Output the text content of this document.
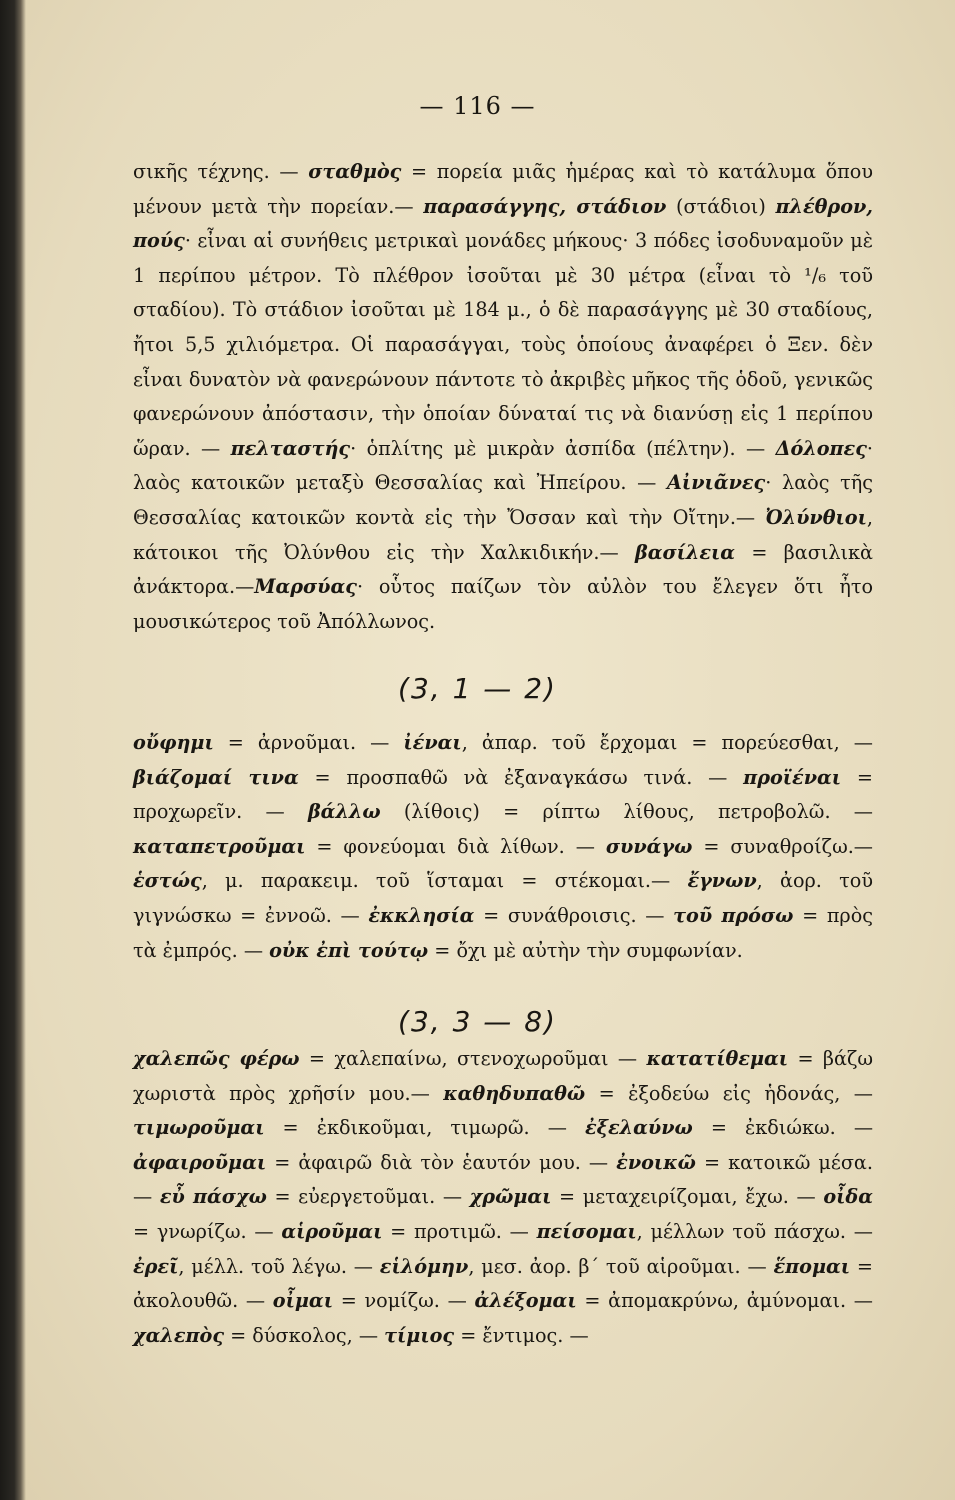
— 116 —

σικῆς τέχνης. — σταθμὸς = πορεία μιᾶς ἡμέρας καὶ τὸ κατάλυμα ὅπου μένουν μετὰ τὴν πορείαν.— παρασάγγης, στάδιον (στάδιοι) πλέθρον, πούς· εἶναι αἱ συνήθεις μετρικαὶ μονάδες μήκους· 3 πόδες ἰσοδυναμοῦν μὲ 1 περίπου μέτρον. Τὸ πλέθρον ἰσοῦται μὲ 30 μέτρα (εἶναι τὸ ¹/₆ τοῦ σταδίου). Τὸ στάδιον ἰσοῦται μὲ 184 μ., ὁ δὲ παρασάγγης μὲ 30 σταδίους, ἤτοι 5,5 χιλιόμετρα. Οἱ παρασάγγαι, τοὺς ὁποίους ἀναφέρει ὁ Ξεν. δὲν εἶναι δυνατὸν νὰ φανερώνουν πάντοτε τὸ ἀκριβὲς μῆκος τῆς ὁδοῦ, γενικῶς φανερώνουν ἀπόστασιν, τὴν ὁποίαν δύναταί τις νὰ διανύσῃ εἰς 1 περίπου ὥραν. — πελταστής· ὁπλίτης μὲ μικρὰν ἀσπίδα (πέλτην). — Δόλοπες· λαὸς κατοικῶν μεταξὺ Θεσσαλίας καὶ Ἠπείρου. — Αἰνιᾶνες· λαὸς τῆς Θεσσαλίας κατοικῶν κοντὰ εἰς τὴν Ὄσσαν καὶ τὴν Οἴτην.— Ὀλύνθιοι, κάτοικοι τῆς Ὀλύνθου εἰς τὴν Χαλκιδικήν.— βασίλεια = βασιλικὰ ἀνάκτορα.—Μαρσύας· οὗτος παίζων τὸν αὐλὸν του ἔλεγεν ὅτι ἦτο μουσικώτερος τοῦ Ἀπόλλωνος.

(3, 1 — 2)

οὔφημι = ἀρνοῦμαι. — ἰέναι, ἀπαρ. τοῦ ἔρχομαι = πορεύεσθαι, — βιάζομαί τινα = προσπαθῶ νὰ ἐξαναγκάσω τινά. — προϊέναι = προχωρεῖν. — βάλλω (λίθοις) = ρίπτω λίθους, πετροβολῶ. — καταπετροῦμαι = φονεύομαι διὰ λίθων. — συνάγω = συναθροίζω.— ἑστώς, μ. παρακειμ. τοῦ ἵσταμαι = στέκομαι.— ἔγνων, ἀορ. τοῦ γιγνώσκω = ἐννοῶ. — ἐκκλησία = συνάθροισις. — τοῦ πρόσω = πρὸς τὰ ἐμπρός. — οὐκ ἐπὶ τούτῳ = ὄχι μὲ αὐτὴν τὴν συμφωνίαν.

(3, 3 — 8)

χαλεπῶς φέρω = χαλεπαίνω, στενοχωροῦμαι — κατατίθεμαι = βάζω χωριστὰ πρὸς χρῆσίν μου.— καθηδυπαθῶ = ἐξοδεύω εἰς ἡδονάς, — τιμωροῦμαι = ἐκδικοῦμαι, τιμωρῶ. — ἐξελαύνω = ἐκδιώκω. — ἀφαιροῦμαι = ἀφαιρῶ διὰ τὸν ἑαυτόν μου. — ἐνοικῶ = κατοικῶ μέσα. — εὖ πάσχω = εὐεργετοῦμαι. — χρῶμαι = μεταχειρίζομαι, ἔχω. — οἶδα = γνωρίζω. — αἱροῦμαι = προτιμῶ. — πείσομαι, μέλλων τοῦ πάσχω. — ἐρεῖ, μέλλ. τοῦ λέγω. — εἱλόμην, μεσ. ἀορ. β΄ τοῦ αἱροῦμαι. — ἕπομαι = ἀκολουθῶ. — οἶμαι = νομίζω. — ἀλέξομαι = ἀπομακρύνω, ἀμύνομαι. — χαλεπὸς = δύσκολος, — τίμιος = ἔντιμος. —
